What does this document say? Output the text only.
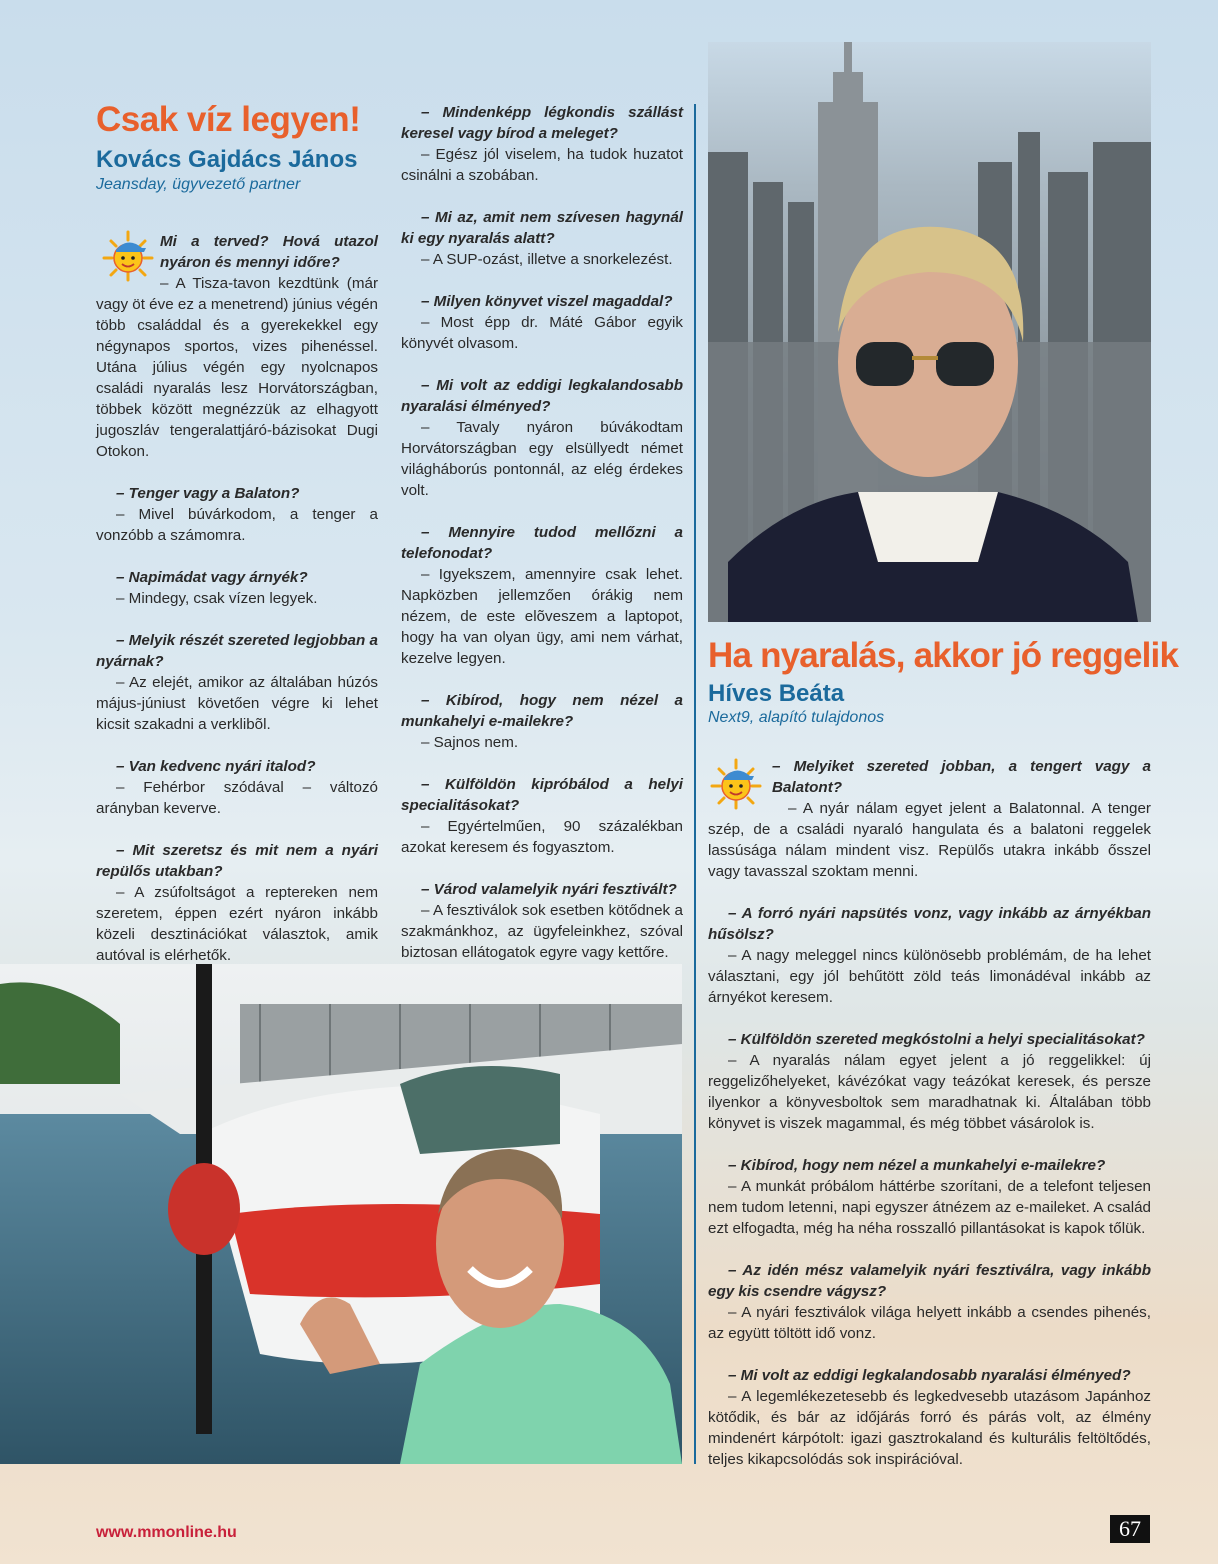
Csak víz legyen!
Kovács Gajdács János
Jeansday, ügyvezető partner
Mi a terved? Hová utazol nyáron és mennyi időre?
– A Tisza-tavon kezdtünk (már vagy öt éve ez a menetrend) június végén több családdal és a gyerekekkel egy négynapos sportos, vizes pihenéssel. Utána július végén egy nyolcnapos családi nyaralás lesz Horvátországban, többek között megnézzük az elhagyott jugoszláv tengeralattjáró-bázisokat Dugi Otokon.
– Tenger vagy a Balaton?
– Mivel búvárkodom, a tenger a vonzóbb a számomra.
– Napimádat vagy árnyék?
– Mindegy, csak vízen legyek.
– Melyik részét szereted legjobban a nyárnak?
– Az elejét, amikor az általában húzós május-júniust követően végre ki lehet kicsit szakadni a verklibõl.
– Van kedvenc nyári italod?
– Fehérbor szódával – változó arányban keverve.
– Mit szeretsz és mit nem a nyári repülős utakban?
– A zsúfoltságot a reptereken nem szeretem, éppen ezért nyáron inkább közeli desztinációkat választok, amik autóval is elérhetők.
– Mindenképp légkondis szállást keresel vagy bírod a meleget?
– Egész jól viselem, ha tudok huzatot csinálni a szobában.
– Mi az, amit nem szívesen hagynál ki egy nyaralás alatt?
– A SUP-ozást, illetve a snorkelezést.
– Milyen könyvet viszel magaddal?
– Most épp dr. Máté Gábor egyik könyvét olvasom.
– Mi volt az eddigi legkalandosabb nyaralási élményed?
– Tavaly nyáron búvákodtam Horvátországban egy elsüllyedt német világháborús pontonnál, az elég érdekes volt.
– Mennyire tudod mellőzni a telefonodat?
– Igyekszem, amennyire csak lehet. Napközben jellemzően órákig nem nézem, de este elõveszem a laptopot, hogy ha van olyan ügy, ami nem várhat, kezelve legyen.
– Kibírod, hogy nem nézel a munkahelyi e-mailekre?
– Sajnos nem.
– Külföldön kipróbálod a helyi specialitásokat?
– Egyértelműen, 90 százalékban azokat keresem és fogyasztom.
– Várod valamelyik nyári fesztivált?
– A fesztiválok sok esetben kötődnek a szakmánkhoz, az ügyfeleinkhez, szóval biztosan ellátogatok egyre vagy kettőre.
Ha nyaralás, akkor jó reggelik
Híves Beáta
Next9, alapító tulajdonos
– Melyiket szereted jobban, a tengert vagy a Balatont?
– A nyár nálam egyet jelent a Balatonnal. A tenger szép, de a családi nyaraló hangulata és a balatoni reggelek lassúsága nálam mindent visz. Repülős utakra inkább ősszel vagy tavasszal szoktam menni.
– A forró nyári napsütés vonz, vagy inkább az árnyékban hűsölsz?
– A nagy meleggel nincs különösebb problémám, de ha lehet választani, egy jól behűtött zöld teás limonádéval inkább az árnyékot keresem.
– Külföldön szereted megkóstolni a helyi specialitásokat?
– A nyaralás nálam egyet jelent a jó reggelikkel: új reggelizőhelyeket, kávézókat vagy teázókat keresek, és persze ilyenkor a könyvesboltok sem maradhatnak ki. Általában több könyvet is viszek magammal, és még többet vásárolok is.
– Kibírod, hogy nem nézel a munkahelyi e-mailekre?
– A munkát próbálom háttérbe szorítani, de a telefont teljesen nem tudom letenni, napi egyszer átnézem az e-maileket. A család ezt elfogadta, még ha néha rosszalló pillantásokat is kapok tőlük.
– Az idén mész valamelyik nyári fesztiválra, vagy inkább egy kis csendre vágysz?
– A nyári fesztiválok világa helyett inkább a csendes pihenés, az együtt töltött idő vonz.
– Mi volt az eddigi legkalandosabb nyaralási élményed?
– A legemlékezetesebb és legkedvesebb utazásom Japánhoz kötődik, és bár az időjárás forró és párás volt, az élmény mindenért kárpótolt: igazi gasztrokaland és kulturális feltöltődés, teljes kikapcsolódás sok inspirációval.
www.mmonline.hu	67
